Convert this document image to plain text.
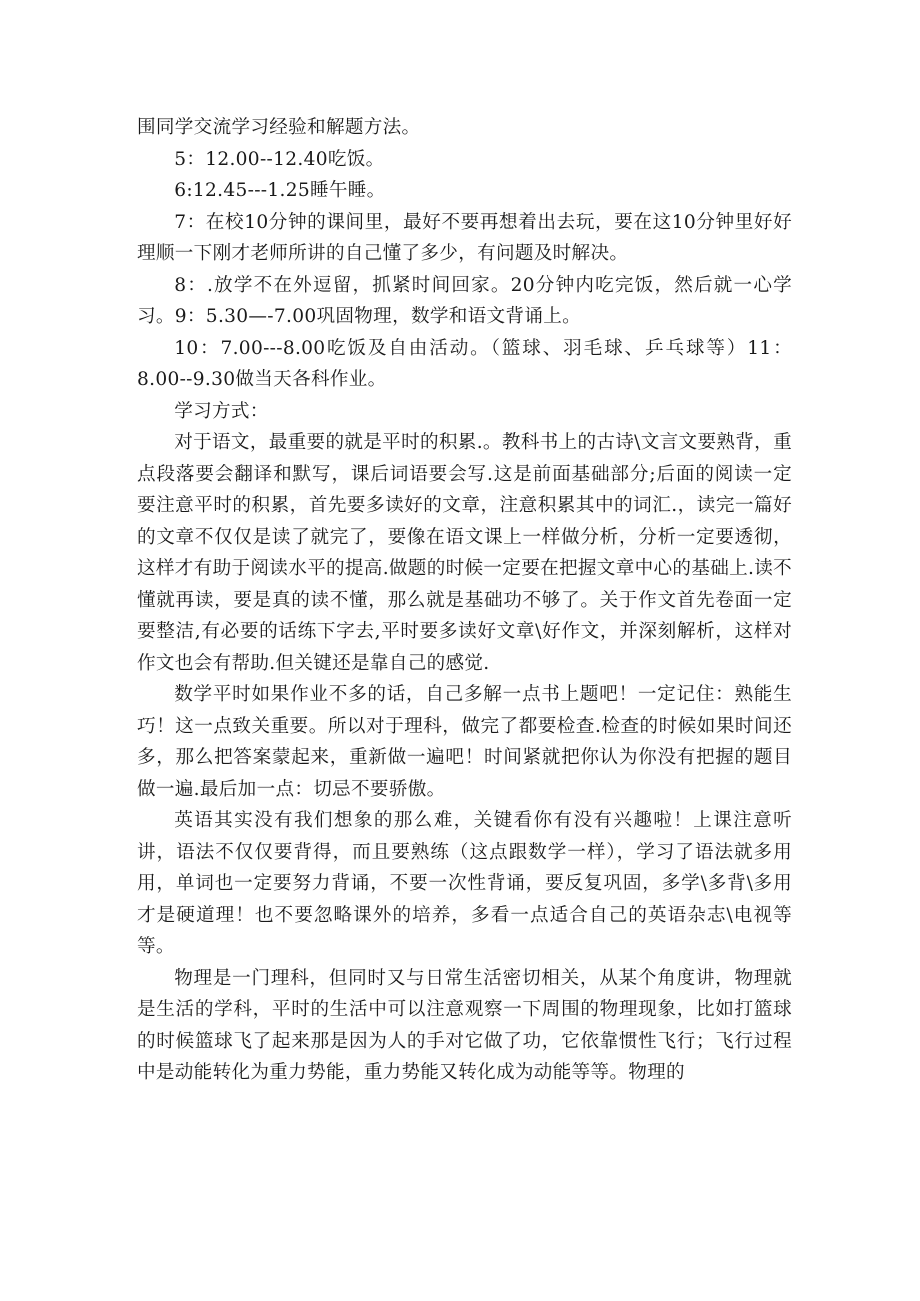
围同学交流学习经验和解题方法。

5：12.00--12.40吃饭。

6:12.45---1.25睡午睡。

7：在校10分钟的课间里，最好不要再想着出去玩，要在这10分钟里好好理顺一下刚才老师所讲的自己懂了多少，有问题及时解决。

8：.放学不在外逗留，抓紧时间回家。20分钟内吃完饭，然后就一心学习。9：5.30—-7.00巩固物理，数学和语文背诵上。

10：7.00---8.00吃饭及自由活动。（篮球、羽毛球、乒乓球等）11：8.00--9.30做当天各科作业。

学习方式：

对于语文，最重要的就是平时的积累.。教科书上的古诗\文言文要熟背，重点段落要会翻译和默写，课后词语要会写.这是前面基础部分;后面的阅读一定要注意平时的积累，首先要多读好的文章，注意积累其中的词汇.，读完一篇好的文章不仅仅是读了就完了，要像在语文课上一样做分析，分析一定要透彻，这样才有助于阅读水平的提高.做题的时候一定要在把握文章中心的基础上.读不懂就再读，要是真的读不懂，那么就是基础功不够了。关于作文首先卷面一定要整洁,有必要的话练下字去,平时要多读好文章\好作文，并深刻解析，这样对作文也会有帮助.但关键还是靠自己的感觉.

数学平时如果作业不多的话，自己多解一点书上题吧！一定记住：熟能生巧！这一点致关重要。所以对于理科，做完了都要检查.检查的时候如果时间还多，那么把答案蒙起来，重新做一遍吧！时间紧就把你认为你没有把握的题目做一遍.最后加一点：切忌不要骄傲。

英语其实没有我们想象的那么难，关键看你有没有兴趣啦！上课注意听讲，语法不仅仅要背得，而且要熟练（这点跟数学一样），学习了语法就多用用，单词也一定要努力背诵，不要一次性背诵，要反复巩固，多学\多背\多用才是硬道理！也不要忽略课外的培养，多看一点适合自己的英语杂志\电视等等。

物理是一门理科，但同时又与日常生活密切相关，从某个角度讲，物理就是生活的学科，平时的生活中可以注意观察一下周围的物理现象，比如打篮球的时候篮球飞了起来那是因为人的手对它做了功，它依靠惯性飞行；飞行过程中是动能转化为重力势能，重力势能又转化成为动能等等。物理的
